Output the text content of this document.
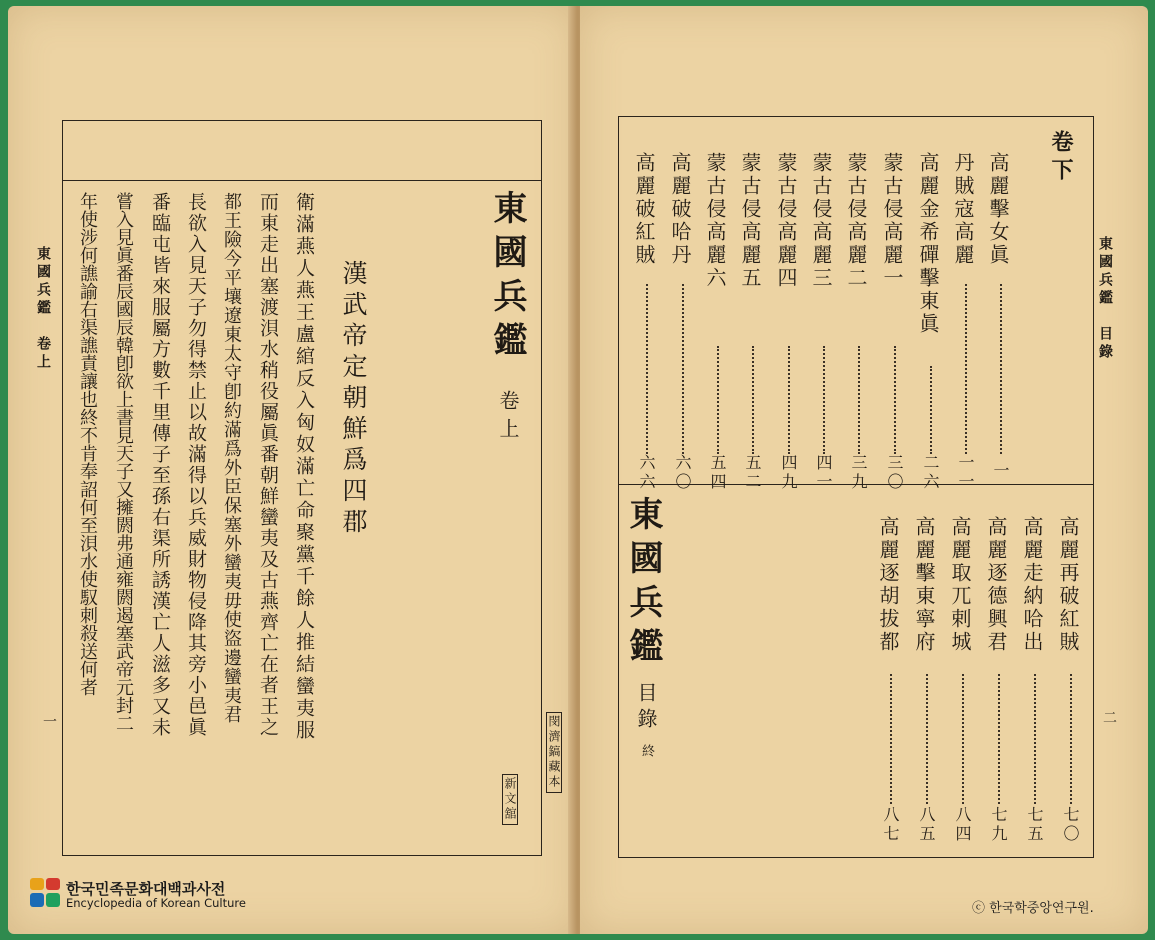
東國兵鑑　卷上
一
東國兵鑑
卷上
新文舘
漢武帝定朝鮮爲四郡
衛滿燕人燕王盧綰反入匈奴滿亡命聚黨千餘人推結蠻夷服
而東走出塞渡浿水稍役屬眞番朝鮮蠻夷及古燕齊亡在者王之
都王險今平壤遼東太守卽約滿爲外臣保塞外蠻夷毋使盜邊蠻夷君
長欲入見天子勿得禁止以故滿得以兵威財物侵降其旁小邑眞
番臨屯皆來服屬方數千里傳子至孫右渠所誘漢亡人滋多又未
嘗入見眞番辰國辰韓卽欲上書見天子又擁閼弗通雍閼遏塞武帝元封二
年使涉何譙諭右渠譙責讓也終不肯奉詔何至浿水使馭刺殺送何者
閔濟鎬藏本
東國兵鑑　目錄
二
卷下
高麗擊女眞
一
丹賊寇高麗
一一
高麗金希磾擊東眞
二六
蒙古侵高麗一
三〇
蒙古侵高麗二
三九
蒙古侵高麗三
四一
蒙古侵高麗四
四九
蒙古侵高麗五
五二
蒙古侵高麗六
五四
高麗破哈丹
六〇
高麗破紅賊
六六
高麗再破紅賊
七〇
高麗走納哈出
七五
高麗逐德興君
七九
高麗取兀剌城
八四
高麗擊東寧府
八五
高麗逐胡拔都
八七
東國兵鑑
目錄
終
한국민족문화대백과사전
Encyclopedia of Korean Culture	ⓒ 한국학중앙연구원.
